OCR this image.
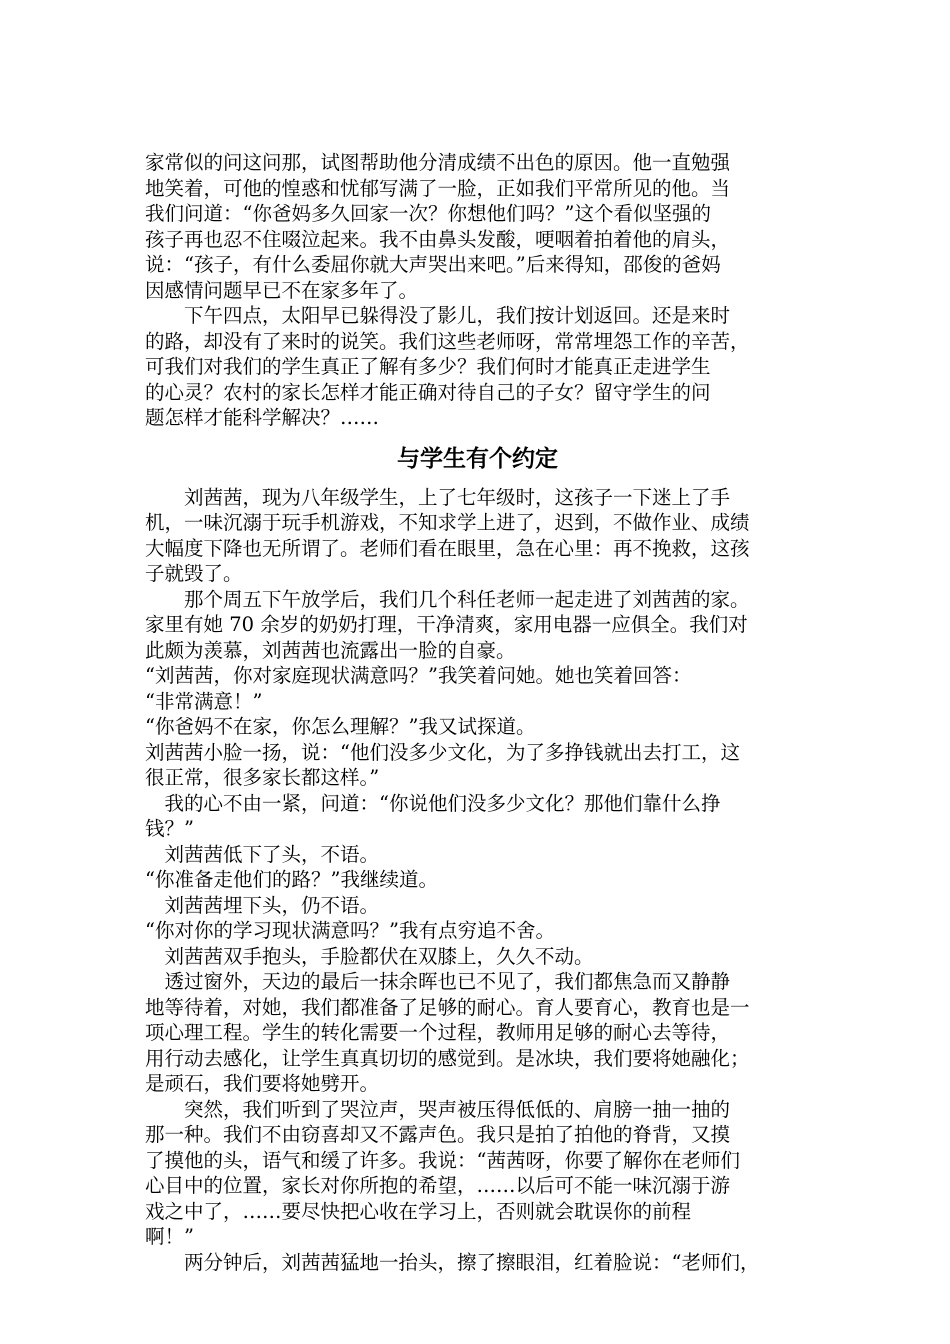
家常似的问这问那，试图帮助他分清成绩不出色的原因。他一直勉强
地笑着，可他的惶惑和忧郁写满了一脸，正如我们平常所见的他。当
我们问道：“你爸妈多久回家一次？你想他们吗？”这个看似坚强的
孩子再也忍不住啜泣起来。我不由鼻头发酸，哽咽着拍着他的肩头，
说：“孩子，有什么委屈你就大声哭出来吧。”后来得知，邵俊的爸妈
因感情问题早已不在家多年了。
　　下午四点，太阳早已躲得没了影儿，我们按计划返回。还是来时
的路，却没有了来时的说笑。我们这些老师呀，常常埋怨工作的辛苦，
可我们对我们的学生真正了解有多少？我们何时才能真正走进学生
的心灵？农村的家长怎样才能正确对待自己的子女？留守学生的问
题怎样才能科学解决？……
与学生有个约定
　　刘茜茜，现为八年级学生，上了七年级时，这孩子一下迷上了手
机，一味沉溺于玩手机游戏，不知求学上进了，迟到，不做作业、成绩
大幅度下降也无所谓了。老师们看在眼里，急在心里：再不挽救，这孩
子就毁了。
　　那个周五下午放学后，我们几个科任老师一起走进了刘茜茜的家。
家里有她 70 余岁的奶奶打理，干净清爽，家用电器一应俱全。我们对
此颇为羡慕，刘茜茜也流露出一脸的自豪。
“刘茜茜，你对家庭现状满意吗？”我笑着问她。她也笑着回答：
“非常满意！”
“你爸妈不在家，你怎么理解？”我又试探道。
刘茜茜小脸一扬，说：“他们没多少文化，为了多挣钱就出去打工，这
很正常，很多家长都这样。”
　我的心不由一紧，问道：“你说他们没多少文化？那他们靠什么挣
钱？”
　刘茜茜低下了头，不语。
“你准备走他们的路？”我继续道。
　刘茜茜埋下头，仍不语。
“你对你的学习现状满意吗？”我有点穷追不舍。
　刘茜茜双手抱头，手脸都伏在双膝上，久久不动。
　透过窗外，天边的最后一抹余晖也已不见了，我们都焦急而又静静
地等待着，对她，我们都准备了足够的耐心。育人要育心，教育也是一
项心理工程。学生的转化需要一个过程，教师用足够的耐心去等待，
用行动去感化，让学生真真切切的感觉到。是冰块，我们要将她融化；
是顽石，我们要将她劈开。
　　突然，我们听到了哭泣声，哭声被压得低低的、肩膀一抽一抽的
那一种。我们不由窃喜却又不露声色。我只是拍了拍他的脊背，又摸
了摸他的头，语气和缓了许多。我说：“茜茜呀，你要了解你在老师们
心目中的位置，家长对你所抱的希望，……以后可不能一味沉溺于游
戏之中了，……要尽快把心收在学习上，否则就会耽误你的前程
啊！”
　　两分钟后，刘茜茜猛地一抬头，擦了擦眼泪，红着脸说：“老师们，
